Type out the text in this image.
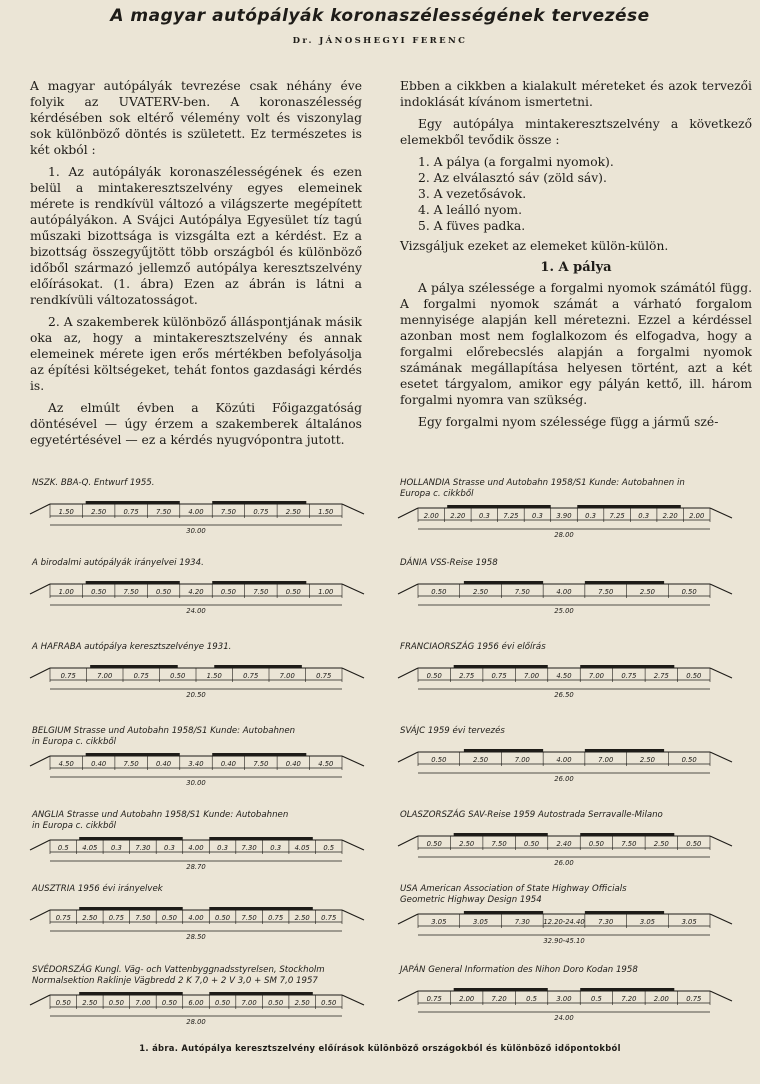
A magyar autópályák koronaszélességének tervezése
Dr. JÁNOSHEGYI FERENC

A magyar autópályák tevrezése csak néhány éve folyik az UVATERV-ben. A koronaszélesség kérdésében sok eltérő vélemény volt és viszonylag sok különböző döntés is született. Ez természetes is két okból :

1. Az autópályák koronaszélességének és ezen belül a mintakeresztszelvény egyes elemeinek mérete is rendkívül változó a világszerte megépített autópályákon. A Svájci Autópálya Egyesület tíz tagú műszaki bizottsága is vizsgálta ezt a kérdést. Ez a bizottság összegyűjtött több országból és különböző időből származó jellemző autópálya keresztszelvény előírásokat. (1. ábra) Ezen az ábrán is látni a rendkívüli változatosságot.

2. A szakemberek különböző álláspontjának másik oka az, hogy a mintakeresztszelvény és annak elemeinek mérete igen erős mértékben befolyásolja az építési költségeket, tehát fontos gazdasági kérdés is.

Az elmúlt évben a Közúti Főigazgatóság döntésével — úgy érzem a szakemberek általános egyetértésével — ez a kérdés nyugvópontra jutott.

Ebben a cikkben a kialakult méreteket és azok tervezői indoklását kívánom ismertetni.

Egy autópálya mintakeresztszelvény a következő elemekből tevődik össze :

1. A pálya (a forgalmi nyomok).
2. Az elválasztó sáv (zöld sáv).
3. A vezetősávok.
4. A leálló nyom.
5. A füves padka.

Vizsgáljuk ezeket az elemeket külön-külön.

1. A pálya

A pálya szélessége a forgalmi nyomok számától függ. A forgalmi nyomok számát a várható forgalom mennyisége alapján kell méretezni. Ezzel a kérdéssel azonban most nem foglalkozom és elfogadva, hogy a forgalmi előrebecslés alapján a forgalmi nyomok számának megállapítása helyesen történt, azt a két esetet tárgyalom, amikor egy pályán kettő, ill. három forgalmi nyomra van szükség.

Egy forgalmi nyom szélessége függ a jármű szé-

NSZK. BBA-Q. Entwurf 1955.
1.50	2.50	0.75	7.50	4.00	7.50	0.75	2.50	1.50
30.00
A birodalmi autópályák irányelvei 1934.
1.00	0.50	7.50	0.50	4.20	0.50	7.50	0.50	1.00
24.00
A HAFRABA autópálya keresztszelvénye 1931.
0.75	7.00	0.75	0.50	1.50	0.75	7.00	0.75
20.50
BELGIUM Strasse und Autobahn 1958/S1 Kunde: Autobahnen
in Europa c. cikkből
4.50	0.40	7.50	0.40	3.40	0.40	7.50	0.40	4.50
30.00
ANGLIA Strasse und Autobahn 1958/S1 Kunde: Autobahnen
in Europa c. cikkből
0.5 4.05 0.3 7.30 0.3 4.00 0.3 7.30 0.3 4.05 0.5
28.70
AUSZTRIA 1956 évi irányelvek
0.75 2.50 0.75 7.50 0.50 4.00 0.50 7.50 0.75 2.50 0.75
28.50
SVÉDORSZÁG Kungl. Väg- och Vattenbyggnadsstyrelsen, Stockholm
Normalsektion Raklinje Vägbredd 2 K 7,0 + 2 V 3,0 + SM 7,0 1957
0.50 2.50 0.50 7.00 0.50 6.00 0.50 7.00 0.50 2.50 0.50
28.00
HOLLANDIA Strasse und Autobahn 1958/S1 Kunde: Autobahnen in
Europa c. cikkből
2.00 2.20 0.3 7.25 0.3 3.90 0.3 7.25 0.3 2.20 2.00
28.00
DÁNIA VSS-Reise 1958
0.50	2.50	7.50	4.00	7.50	2.50	0.50
25.00
FRANCIAORSZÁG 1956 évi előírás
0.50	2.75	0.75	7.00	4.50	7.00	0.75	2.75	0.50
26.50
SVÁJC 1959 évi tervezés
0.50	2.50	7.00	4.00	7.00	2.50	0.50
26.00
OLASZORSZÁG SAV-Reise 1959 Autostrada Serravalle-Milano
0.50	2.50	7.50	0.50	2.40	0.50	7.50	2.50	0.50
26.00
USA American Association of State Highway Officials
Geometric Highway Design 1954
3.05	3.05	7.30 12.20-24.40 7.30	3.05	3.05
32.90-45.10
JAPÁN General Information des Nihon Doro Kodan 1958
0.75	2.00	7.20	0.5	3.00	0.5	7.20	2.00	0.75
24.00
1. ábra. Autópálya keresztszelvény előírások különböző országokból és különböző időpontokból
